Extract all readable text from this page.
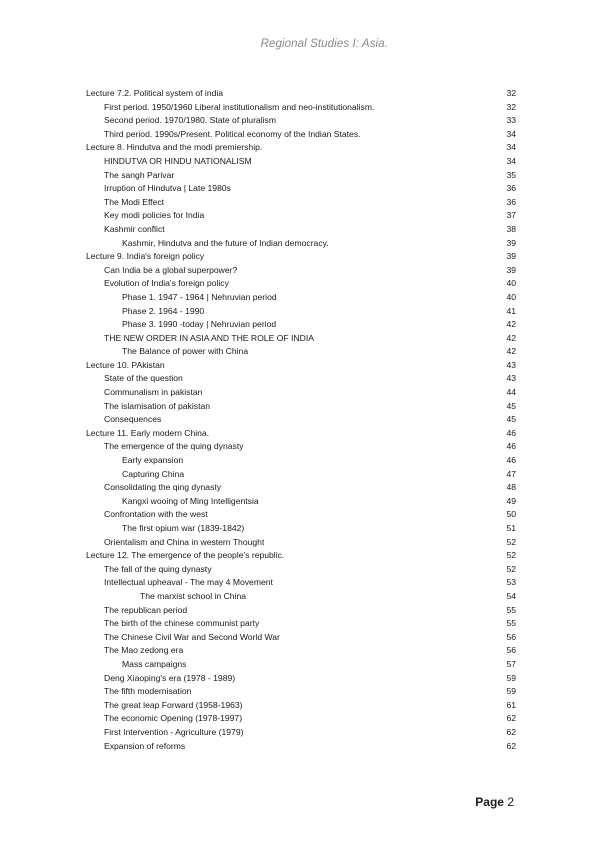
Regional Studies I: Asia.
Lecture 7.2. Political system of india	32
First period. 1950/1960 Liberal institutionalism and neo-institutionalism.	32
Second period. 1970/1980. State of pluralism	33
Third period. 1990s/Present. Political economy of the Indian States.	34
Lecture 8. Hindutva and the modi premiership.	34
HINDUTVA OR HINDU NATIONALISM	34
The sangh Parivar	35
Irruption of Hindutva | Late 1980s	36
The Modi Effect	36
Key modi policies for India	37
Kashmir conflict	38
Kashmir, Hindutva and the future of Indian democracy.	39
Lecture 9. India's foreign policy	39
Can India be a global superpower?	39
Evolution of India's foreign policy	40
Phase 1. 1947 - 1964 | Nehruvian period	40
Phase 2. 1964 - 1990	41
Phase 3. 1990 -today | Nehruvian period	42
THE NEW ORDER IN ASIA AND THE ROLE OF INDIA	42
The Balance of power with China	42
Lecture 10. PAkistan	43
State of the question	43
Communalism in pakistan	44
The islamisation of pakistan	45
Consequences	45
Lecture 11. Early modern China.	46
The emergence of the quing dynasty	46
Early expansion	46
Capturing China	47
Consolidating the qing dynasty	48
Kangxi wooing of Ming Intelligentsia	49
Confrontation with the west	50
The first opium war (1839-1842)	51
Orientalism and China in western Thought	52
Lecture 12. The emergence of the people's republic.	52
The fall of the quing dynasty	52
Intellectual upheaval - The may 4 Movement	53
The marxist school in China	54
The republican period	55
The birth of the chinese communist party	55
The Chinese Civil War and Second World War	56
The Mao zedong era	56
Mass campaigns	57
Deng Xiaoping's era (1978 - 1989)	59
The fifth modernisation	59
The great leap Forward (1958-1963)	61
The economic Opening (1978-1997)	62
First Intervention - Agriculture (1979)	62
Expansion of reforms	62
Page 2
